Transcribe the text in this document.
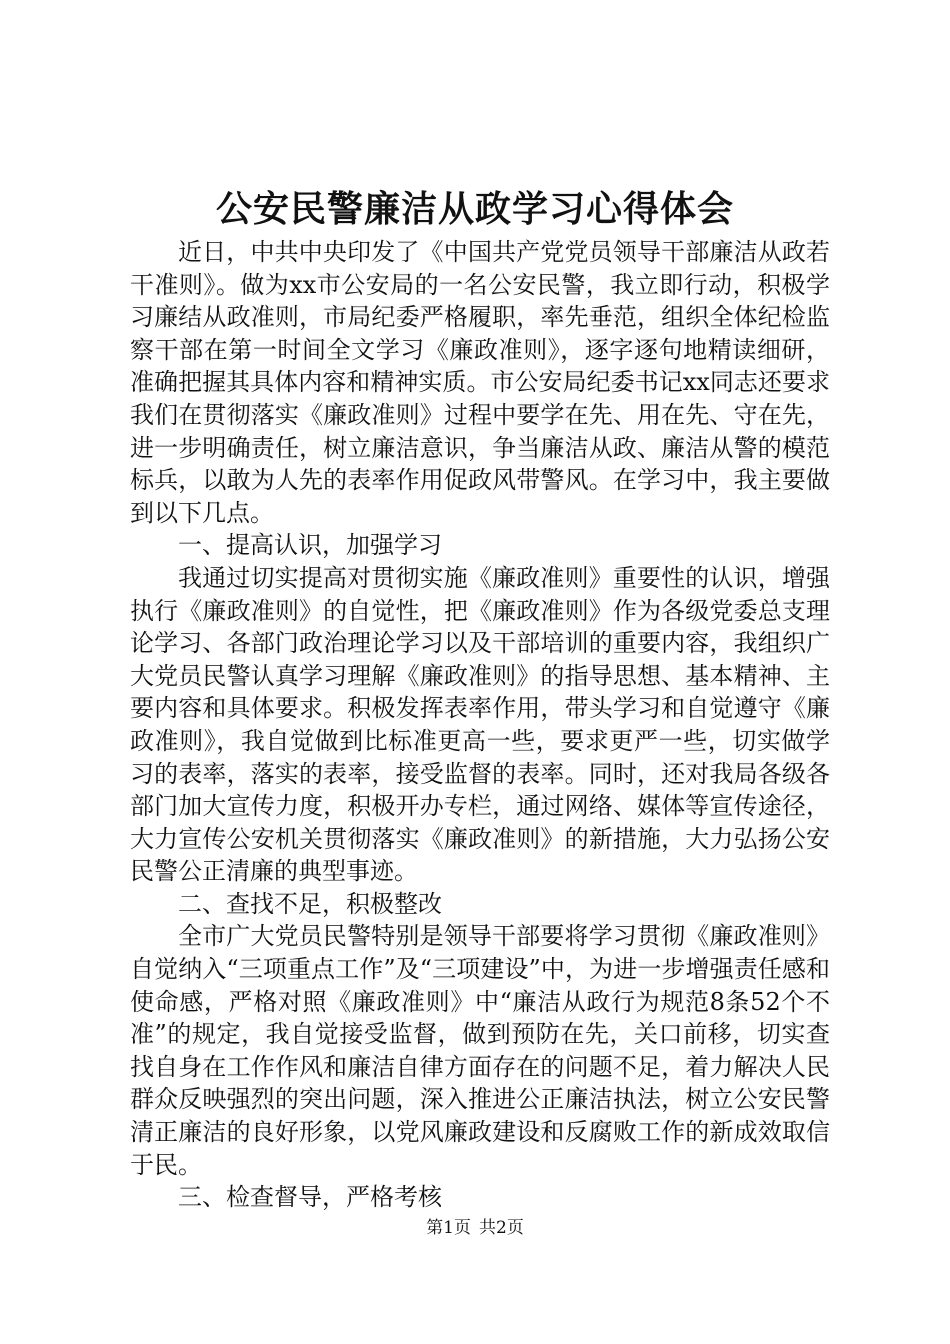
公安民警廉洁从政学习心得体会

近日，中共中央印发了《中国共产党党员领导干部廉洁从政若干准则》。做为xx市公安局的一名公安民警，我立即行动，积极学习廉结从政准则，市局纪委严格履职，率先垂范，组织全体纪检监察干部在第一时间全文学习《廉政准则》，逐字逐句地精读细研，准确把握其具体内容和精神实质。市公安局纪委书记xx同志还要求我们在贯彻落实《廉政准则》过程中要学在先、用在先、守在先，进一步明确责任，树立廉洁意识，争当廉洁从政、廉洁从警的模范标兵，以敢为人先的表率作用促政风带警风。在学习中，我主要做到以下几点。

一、提高认识，加强学习

我通过切实提高对贯彻实施《廉政准则》重要性的认识，增强执行《廉政准则》的自觉性，把《廉政准则》作为各级党委总支理论学习、各部门政治理论学习以及干部培训的重要内容，我组织广大党员民警认真学习理解《廉政准则》的指导思想、基本精神、主要内容和具体要求。积极发挥表率作用，带头学习和自觉遵守《廉政准则》，我自觉做到比标准更高一些，要求更严一些，切实做学习的表率，落实的表率，接受监督的表率。同时，还对我局各级各部门加大宣传力度，积极开办专栏，通过网络、媒体等宣传途径，大力宣传公安机关贯彻落实《廉政准则》的新措施，大力弘扬公安民警公正清廉的典型事迹。

二、查找不足，积极整改

全市广大党员民警特别是领导干部要将学习贯彻《廉政准则》自觉纳入“三项重点工作”及“三项建设”中，为进一步增强责任感和使命感，严格对照《廉政准则》中“廉洁从政行为规范8条52个不准”的规定，我自觉接受监督，做到预防在先，关口前移，切实查找自身在工作作风和廉洁自律方面存在的问题不足，着力解决人民群众反映强烈的突出问题，深入推进公正廉洁执法，树立公安民警清正廉洁的良好形象，以党风廉政建设和反腐败工作的新成效取信于民。

三、检查督导，严格考核

第1页 共2页
